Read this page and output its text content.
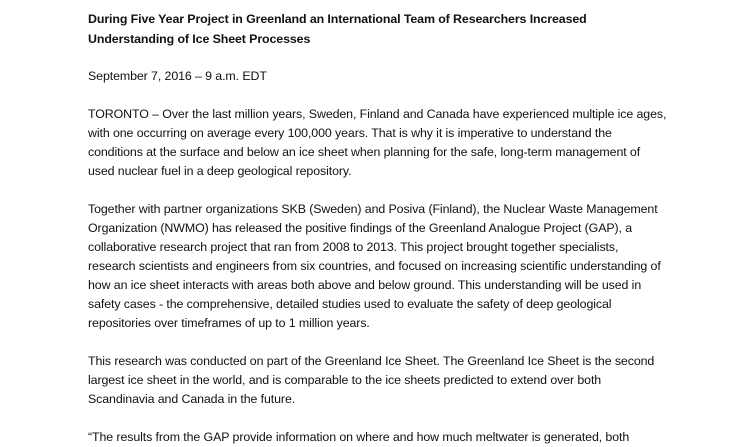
During Five Year Project in Greenland an International Team of Researchers Increased Understanding of Ice Sheet Processes

September 7, 2016 – 9 a.m. EDT

TORONTO – Over the last million years, Sweden, Finland and Canada have experienced multiple ice ages, with one occurring on average every 100,000 years. That is why it is imperative to understand the conditions at the surface and below an ice sheet when planning for the safe, long-term management of used nuclear fuel in a deep geological repository.

Together with partner organizations SKB (Sweden) and Posiva (Finland), the Nuclear Waste Management Organization (NWMO) has released the positive findings of the Greenland Analogue Project (GAP), a collaborative research project that ran from 2008 to 2013. This project brought together specialists, research scientists and engineers from six countries, and focused on increasing scientific understanding of how an ice sheet interacts with areas both above and below ground. This understanding will be used in safety cases - the comprehensive, detailed studies used to evaluate the safety of deep geological repositories over timeframes of up to 1 million years.

This research was conducted on part of the Greenland Ice Sheet. The Greenland Ice Sheet is the second largest ice sheet in the world, and is comparable to the ice sheets predicted to extend over both Scandinavia and Canada in the future.

“The results from the GAP provide information on where and how much meltwater is generated, both
